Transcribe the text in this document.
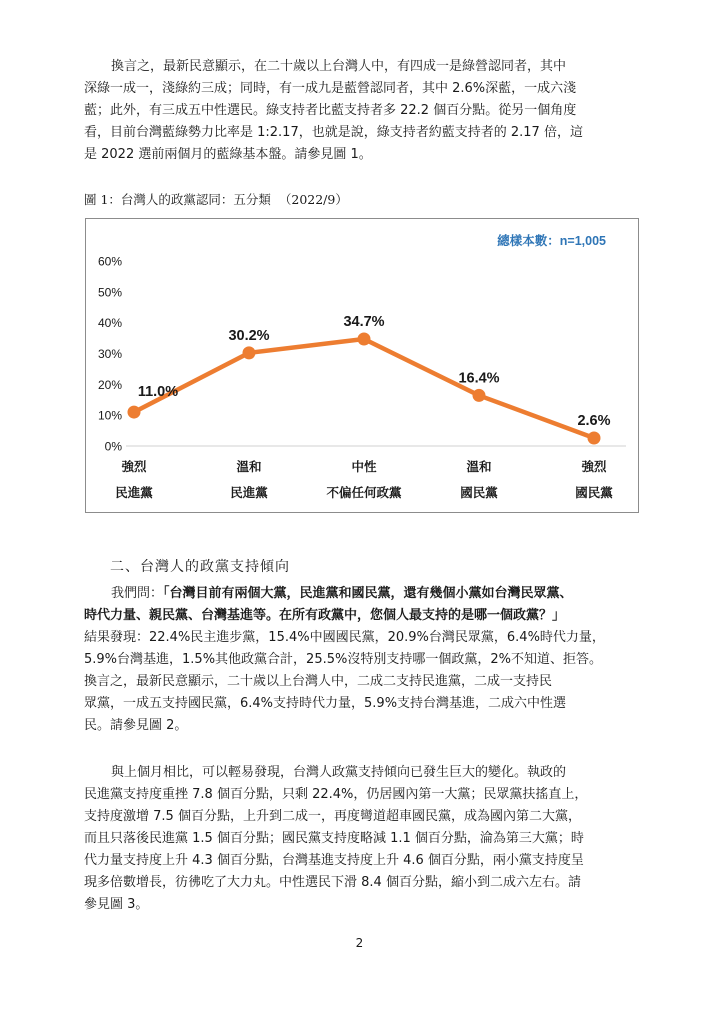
換言之，最新民意顯示，在二十歲以上台灣人中，有四成一是綠營認同者，其中
深綠一成一，淺綠約三成；同時，有一成九是藍營認同者，其中 2.6%深藍，一成六淺
藍；此外，有三成五中性選民。綠支持者比藍支持者多 22.2 個百分點。從另一個角度
看，目前台灣藍綠勢力比率是 1:2.17，也就是說，綠支持者約藍支持者的 2.17 倍，這
是 2022 選前兩個月的藍綠基本盤。請參見圖 1。
圖 1：台灣人的政黨認同：五分類  （2022/9）
總樣本數：n=1,005
0%
10%
20%
30%
40%
50%
60%
強烈
民進黨
溫和
民進黨
中性
不偏任何政黨
溫和
國民黨
強烈
國民黨
11.0%
30.2%
34.7%
16.4%
2.6%
二、台灣人的政黨支持傾向
我們問：「台灣目前有兩個大黨，民進黨和國民黨，還有幾個小黨如台灣民眾黨、
時代力量、親民黨、台灣基進等。在所有政黨中，您個人最支持的是哪一個政黨？」
結果發現：22.4%民主進步黨，15.4%中國國民黨，20.9%台灣民眾黨，6.4%時代力量，
5.9%台灣基進，1.5%其他政黨合計，25.5%沒特別支持哪一個政黨，2%不知道、拒答。
換言之，最新民意顯示，二十歲以上台灣人中，二成二支持民進黨，二成一支持民
眾黨，一成五支持國民黨，6.4%支持時代力量，5.9%支持台灣基進，二成六中性選
民。請參見圖 2。
與上個月相比，可以輕易發現，台灣人政黨支持傾向已發生巨大的變化。執政的
民進黨支持度重挫 7.8 個百分點，只剩 22.4%，仍居國內第一大黨；民眾黨扶搖直上，
支持度激增 7.5 個百分點，上升到二成一，再度彎道超車國民黨，成為國內第二大黨，
而且只落後民進黨 1.5 個百分點；國民黨支持度略減 1.1 個百分點，淪為第三大黨；時
代力量支持度上升 4.3 個百分點，台灣基進支持度上升 4.6 個百分點，兩小黨支持度呈
現多倍數增長，彷彿吃了大力丸。中性選民下滑 8.4 個百分點，縮小到二成六左右。請
參見圖 3。
2
